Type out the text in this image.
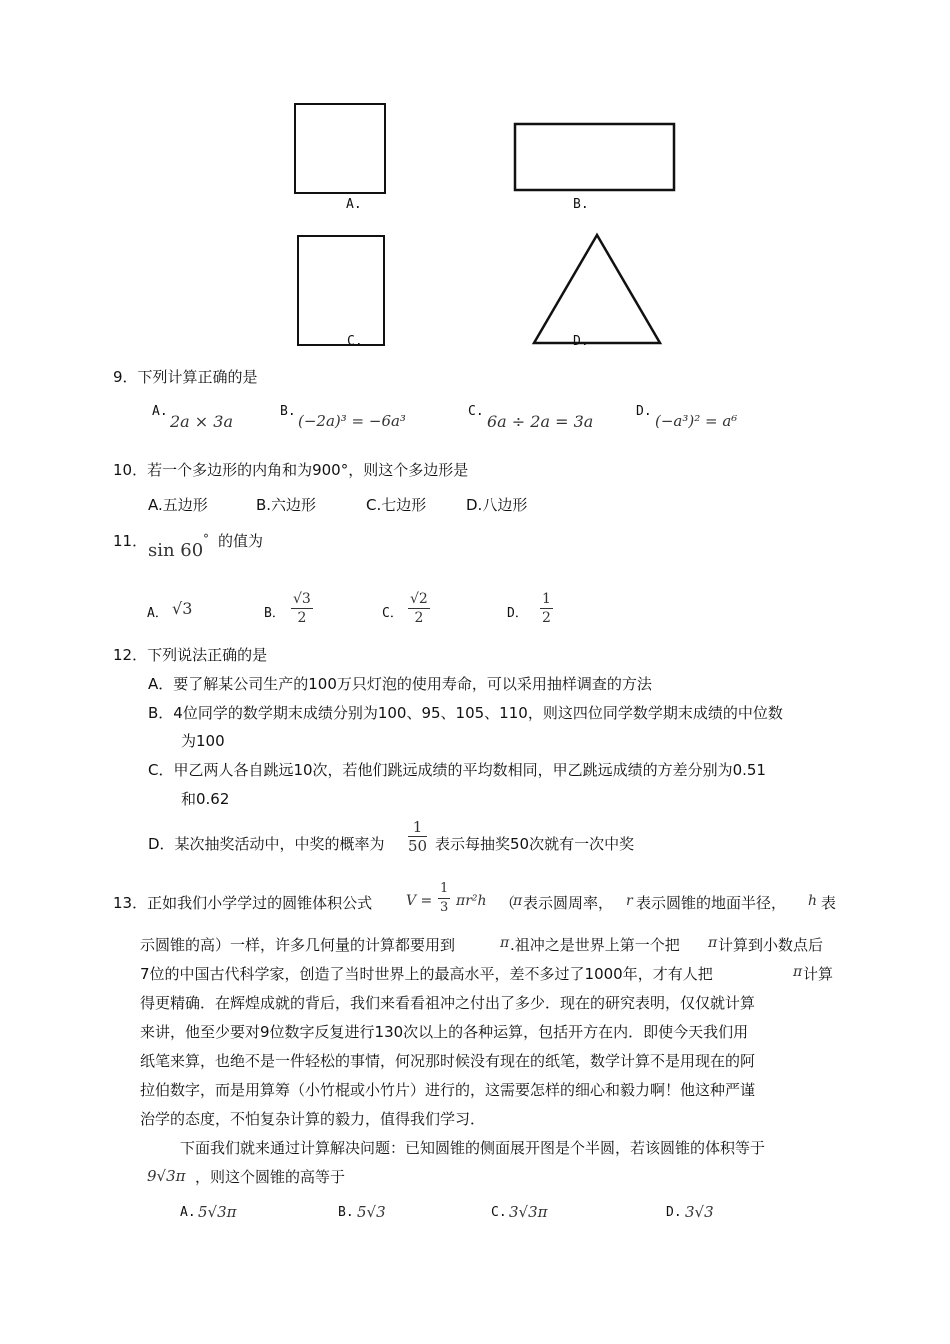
A.	B.
C.	D.
9．下列计算正确的是
A.
2a × 3a
B.
(−2a)³ = −6a³
C.
6a ÷ 2a = 3a
D.
(−a³)² = a⁶
10．若一个多边形的内角和为900°，则这个多边形是
A.五边形	B.六边形	C.七边形	D.八边形
11． sin 60
° 的值为
A． √3	B． $\frac{√3}{2}$	C． $\frac{√2}{2}$	D． $\frac{1}{2}$
12．下列说法正确的是
A．要了解某公司生产的100万只灯泡的使用寿命，可以采用抽样调查的方法
B．4位同学的数学期末成绩分别为100、95、105、110，则这四位同学数学期末成绩的中位数
为100
C．甲乙两人各自跳远10次，若他们跳远成绩的平均数相同，甲乙跳远成绩的方差分别为0.51
和0.62
D．某次抽奖活动中，中奖的概率为 $\frac{1}{50}$ 表示每抽奖50次就有一次中奖
13．正如我们小学学过的圆锥体积公式 $V = \frac{1}{3} \pi r^2h$ （
π 表示圆周率， r 表示圆锥的地面半径， h 表
示圆锥的高）一样，许多几何量的计算都要用到	π .祖冲之是世界上第一个把 π 计算到小数点后
7位的中国古代科学家，创造了当时世界上的最高水平，差不多过了1000年，才有人把	π 计算
得更精确．在辉煌成就的背后，我们来看看祖冲之付出了多少．现在的研究表明，仅仅就计算
来讲，他至少要对9位数字反复进行130次以上的各种运算，包括开方在内．即使今天我们用
纸笔来算，也绝不是一件轻松的事情，何况那时候没有现在的纸笔，数学计算不是用现在的阿
拉伯数字，而是用算筹（小竹棍或小竹片）进行的，这需要怎样的细心和毅力啊！他这种严谨
治学的态度，不怕复杂计算的毅力，值得我们学习．
下面我们就来通过计算解决问题：已知圆锥的侧面展开图是个半圆，若该圆锥的体积等于
9√3π ，则这个圆锥的高等于
A. 5√3π	B. 5√3	C. 3√3π	D. 3√3
